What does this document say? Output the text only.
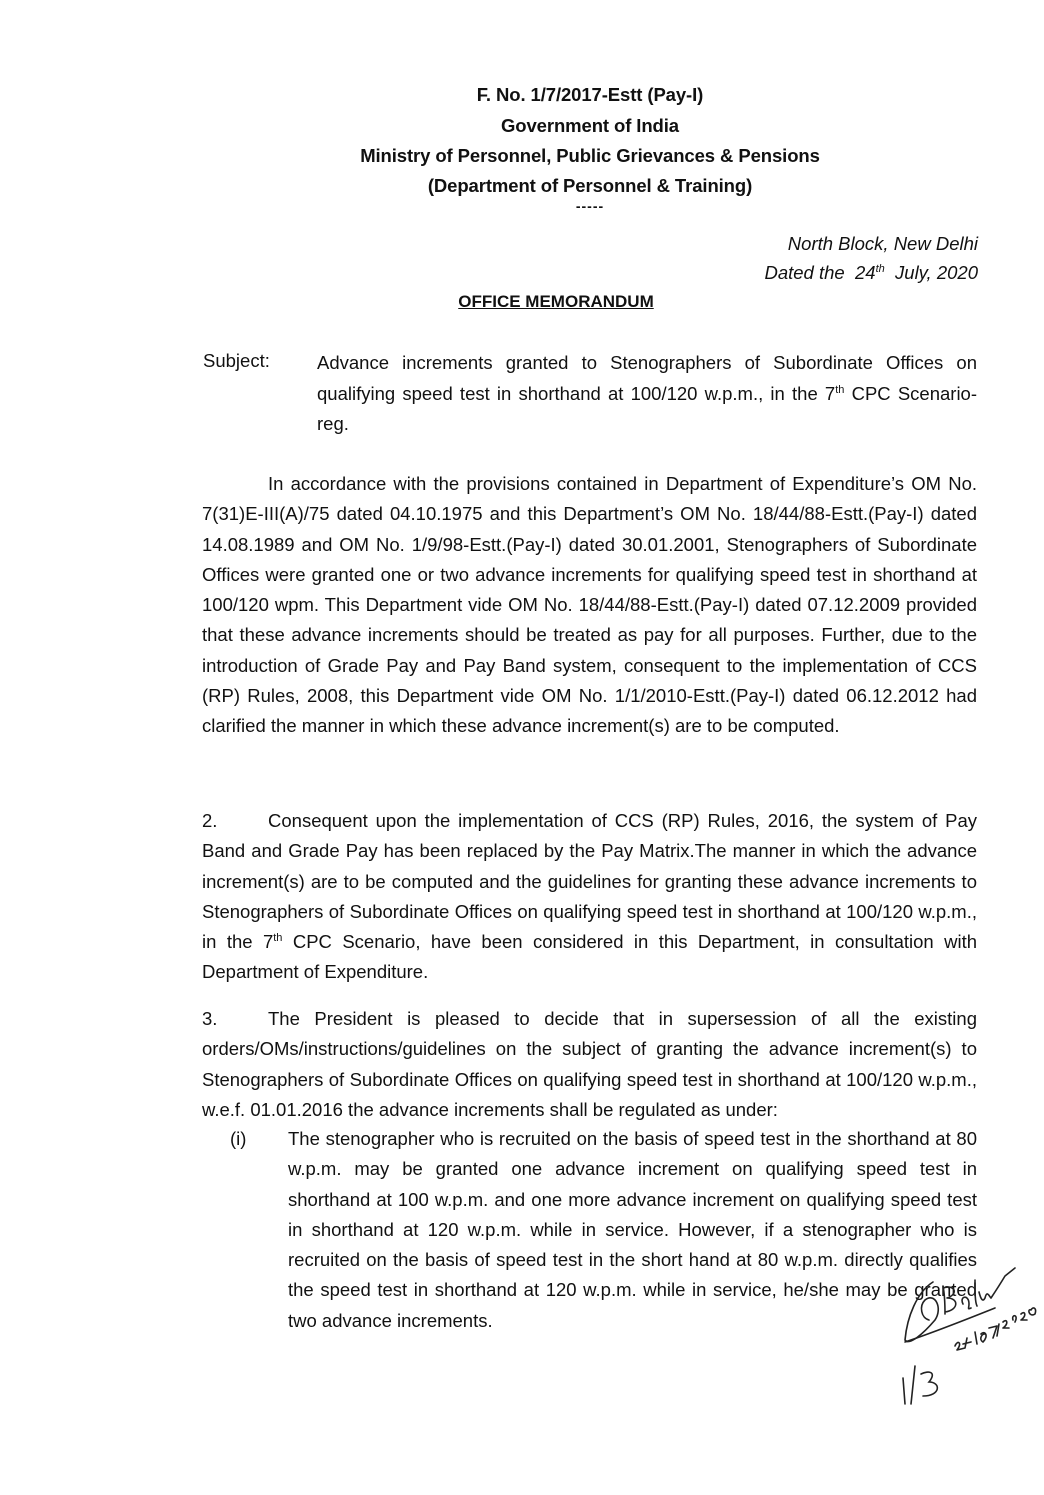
F. No. 1/7/2017-Estt (Pay-I)
Government of India
Ministry of Personnel, Public Grievances & Pensions
(Department of Personnel & Training)
-----
North Block, New Delhi
Dated the  24th  July, 2020
OFFICE MEMORANDUM
Subject:	Advance increments granted to Stenographers of Subordinate Offices on qualifying speed test in shorthand at 100/120 w.p.m., in the 7th CPC Scenario-reg.
In accordance with the provisions contained in Department of Expenditure’s OM No. 7(31)E-III(A)/75 dated 04.10.1975 and this Department’s OM No. 18/44/88-Estt.(Pay-I) dated 14.08.1989 and OM No. 1/9/98-Estt.(Pay-I) dated 30.01.2001, Stenographers of Subordinate Offices were granted one or two advance increments for qualifying speed test in shorthand at 100/120 wpm. This Department vide OM No. 18/44/88-Estt.(Pay-I) dated 07.12.2009 provided that these advance increments should be treated as pay for all purposes. Further, due to the introduction of Grade Pay and Pay Band system, consequent to the implementation of CCS (RP) Rules, 2008, this Department vide OM No. 1/1/2010-Estt.(Pay-I) dated 06.12.2012 had clarified the manner in which these advance increment(s) are to be computed.
2.	Consequent upon the implementation of CCS (RP) Rules, 2016, the system of Pay Band and Grade Pay has been replaced by the Pay Matrix.The manner in which the advance increment(s) are to be computed and the guidelines for granting these advance increments to Stenographers of Subordinate Offices on qualifying speed test in shorthand at 100/120 w.p.m., in the 7th CPC Scenario, have been considered in this Department, in consultation with Department of Expenditure.
3.	The President is pleased to decide that in supersession of all the existing orders/OMs/instructions/guidelines on the subject of granting the advance increment(s) to Stenographers of Subordinate Offices on qualifying speed test in shorthand at 100/120 w.p.m., w.e.f. 01.01.2016 the advance increments shall be regulated as under:
(i) The stenographer who is recruited on the basis of speed test in the shorthand at 80 w.p.m. may be granted one advance increment on qualifying speed test in shorthand at 100 w.p.m. and one more advance increment on qualifying speed test in shorthand at 120 w.p.m. while in service. However, if a stenographer who is recruited on the basis of speed test in the short hand at 80 w.p.m. directly qualifies the speed test in shorthand at 120 w.p.m. while in service, he/she may be granted two advance increments.
